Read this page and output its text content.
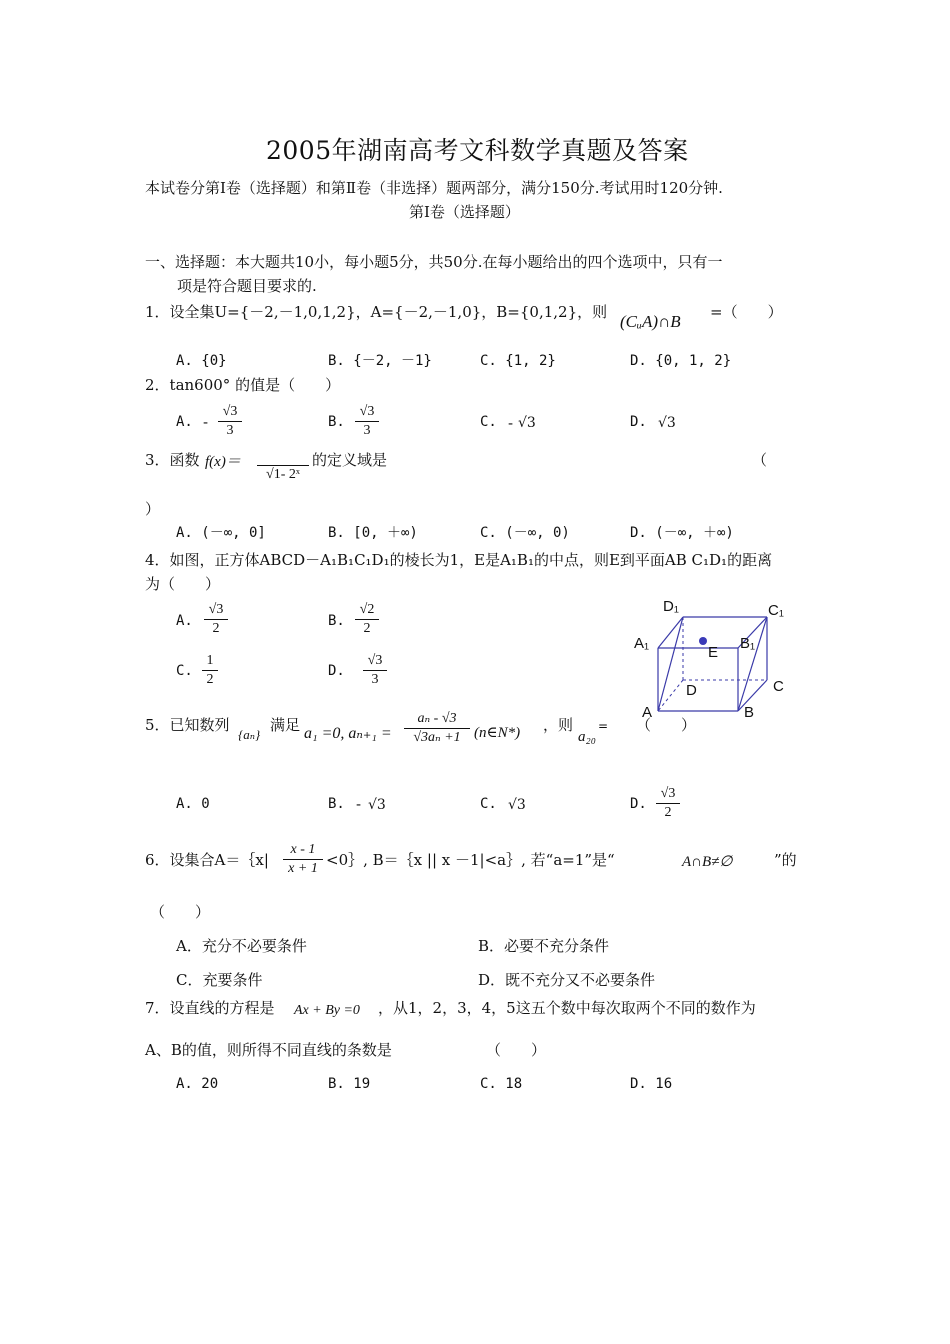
2005年湖南高考文科数学真题及答案
本试卷分第Ⅰ卷（选择题）和第Ⅱ卷（非选择）题两部分，满分150分.考试用时120分钟.
第Ⅰ卷（选择题）
一、选择题：本大题共10小，每小题5分，共50分.在每小题给出的四个选项中，只有一
项是符合题目要求的.
1．设全集U={－2,－1,0,1,2}，A={－2,－1,0}，B={0,1,2}，则 (CᵤA)∩B =（　　）
A. {0}	B. {－2, －1}	C. {1, 2}	D. {0, 1, 2}
2．tan600° 的值是（　　）
A. -
√3
3
B.
√3
3
C. - √3	D. √3
3．函数 f(x)＝
√1- 2ˣ
的定义域是	（
）
A. (－∞, 0]	B. [0, ＋∞)	C. (－∞, 0)	D. (－∞, ＋∞)
4．如图，正方体ABCD－A₁B₁C₁D₁的棱长为1，E是A₁B₁的中点，则E到平面AB C₁D₁的距离
为（　　）
A.
√3
2	B.
√2
2
C.
1
2
D.
√3
3
D₁	C₁
A₁	B₁
E
D	C
A	B
5．已知数列
{aₙ}
满足 a₁ =0, aₙ₊₁ =
aₙ - √3
√3aₙ +1 (n∈N*) ，则
a₂₀
= （　　）
A. 0	B. - √3	C. √3	D.
√3
2
6．设集合A＝｛x|
x - 1
x + 1 <0｝, B＝｛x || x －1|<a｝, 若“a=1”是“	A∩B≠∅	”的
（　　）
A．充分不必要条件	B．必要不充分条件
C．充要条件	D．既不充分又不必要条件
7．设直线的方程是 Ax + By =0 ，从1，2，3，4，5这五个数中每次取两个不同的数作为
A、B的值，则所得不同直线的条数是	（　　）
A. 20	B. 19	C. 18	D. 16
